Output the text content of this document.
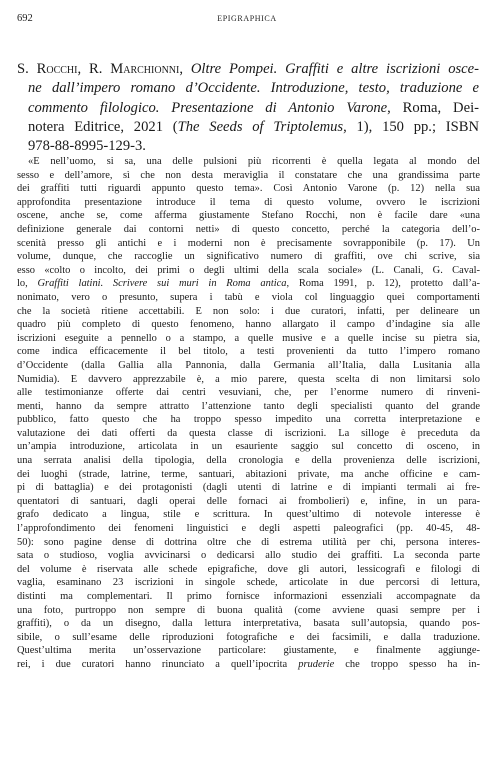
692	EPIGRAPHICA
S. Rocchi, R. Marchionni, Oltre Pompei. Graffiti e altre iscrizioni osce-
ne dall’impero romano d’Occidente. Introduzione, testo, traduzione e
commento filologico. Presentazione di Antonio Varone, Roma, Dei-
notera Editrice, 2021 (The Seeds of Triptolemus, 1), 150 pp.; ISBN
978-88-8995-129-3.
«E nell’uomo, si sa, una delle pulsioni più ricorrenti è quella legata al mondo del
sesso e dell’amore, sì che non desta meraviglia il constatare che una grandissima parte
dei graffiti tutti riguardi appunto questo tema». Così Antonio Varone (p. 12) nella sua
approfondita presentazione introduce il tema di questo volume, ovvero le iscrizioni
oscene, anche se, come afferma giustamente Stefano Rocchi, non è facile dare «una
definizione generale dai contorni netti» di questo concetto, perché la categoria dell’o-
scenità presso gli antichi e i moderni non è precisamente sovrapponibile (p. 17). Un
volume, dunque, che raccoglie un significativo numero di graffiti, ove chi scrive, sia
esso «colto o incolto, dei primi o degli ultimi della scala sociale» (L. Canali, G. Caval-
lo, Graffiti latini. Scrivere sui muri in Roma antica, Roma 1991, p. 12), protetto dall’a-
nonimato, vero o presunto, supera i tabù e viola col linguaggio quei comportamenti
che la società ritiene accettabili. E non solo: i due curatori, infatti, per delineare un
quadro più completo di questo fenomeno, hanno allargato il campo d’indagine sia alle
iscrizioni eseguite a pennello o a stampo, a quelle musive e a quelle incise su pietra sia,
come indica efficacemente il bel titolo, a testi provenienti da tutto l’impero romano
d’Occidente (dalla Gallia alla Pannonia, dalla Germania all’Italia, dalla Lusitania alla
Numidia). E davvero apprezzabile è, a mio parere, questa scelta di non limitarsi solo
alle testimonianze offerte dai centri vesuviani, che, per l’enorme numero di rinveni-
menti, hanno da sempre attratto l’attenzione tanto degli specialisti quanto del grande
pubblico, fatto questo che ha troppo spesso impedito una corretta interpretazione e
valutazione dei dati offerti da questa classe di iscrizioni. La silloge è preceduta da
un’ampia introduzione, articolata in un esauriente saggio sul concetto di osceno, in
una serrata analisi della tipologia, della cronologia e della provenienza delle iscrizioni,
dei luoghi (strade, latrine, terme, santuari, abitazioni private, ma anche officine e cam-
pi di battaglia) e dei protagonisti (dagli utenti di latrine e di impianti termali ai fre-
quentatori di santuari, dagli operai delle fornaci ai frombolieri) e, infine, in un para-
grafo dedicato a lingua, stile e scrittura. In quest’ultimo di notevole interesse è
l’approfondimento dei fenomeni linguistici e degli aspetti paleografici (pp. 40-45, 48-
50): sono pagine dense di dottrina oltre che di estrema utilità per chi, persona interes-
sata o studioso, voglia avvicinarsi o dedicarsi allo studio dei graffiti. La seconda parte
del volume è riservata alle schede epigrafiche, dove gli autori, lessicografi e filologi di
vaglia, esaminano 23 iscrizioni in singole schede, articolate in due percorsi di lettura,
distinti ma complementari. Il primo fornisce informazioni essenziali accompagnate da
una foto, purtroppo non sempre di buona qualità (come avviene quasi sempre per i
graffiti), o da un disegno, dalla lettura interpretativa, basata sull’autopsia, quando pos-
sibile, o sull’esame delle riproduzioni fotografiche e dei facsimili, e dalla traduzione.
Quest’ultima merita un’osservazione particolare: giustamente, e finalmente aggiunge-
rei, i due curatori hanno rinunciato a quell’ipocrita pruderie che troppo spesso ha in-
